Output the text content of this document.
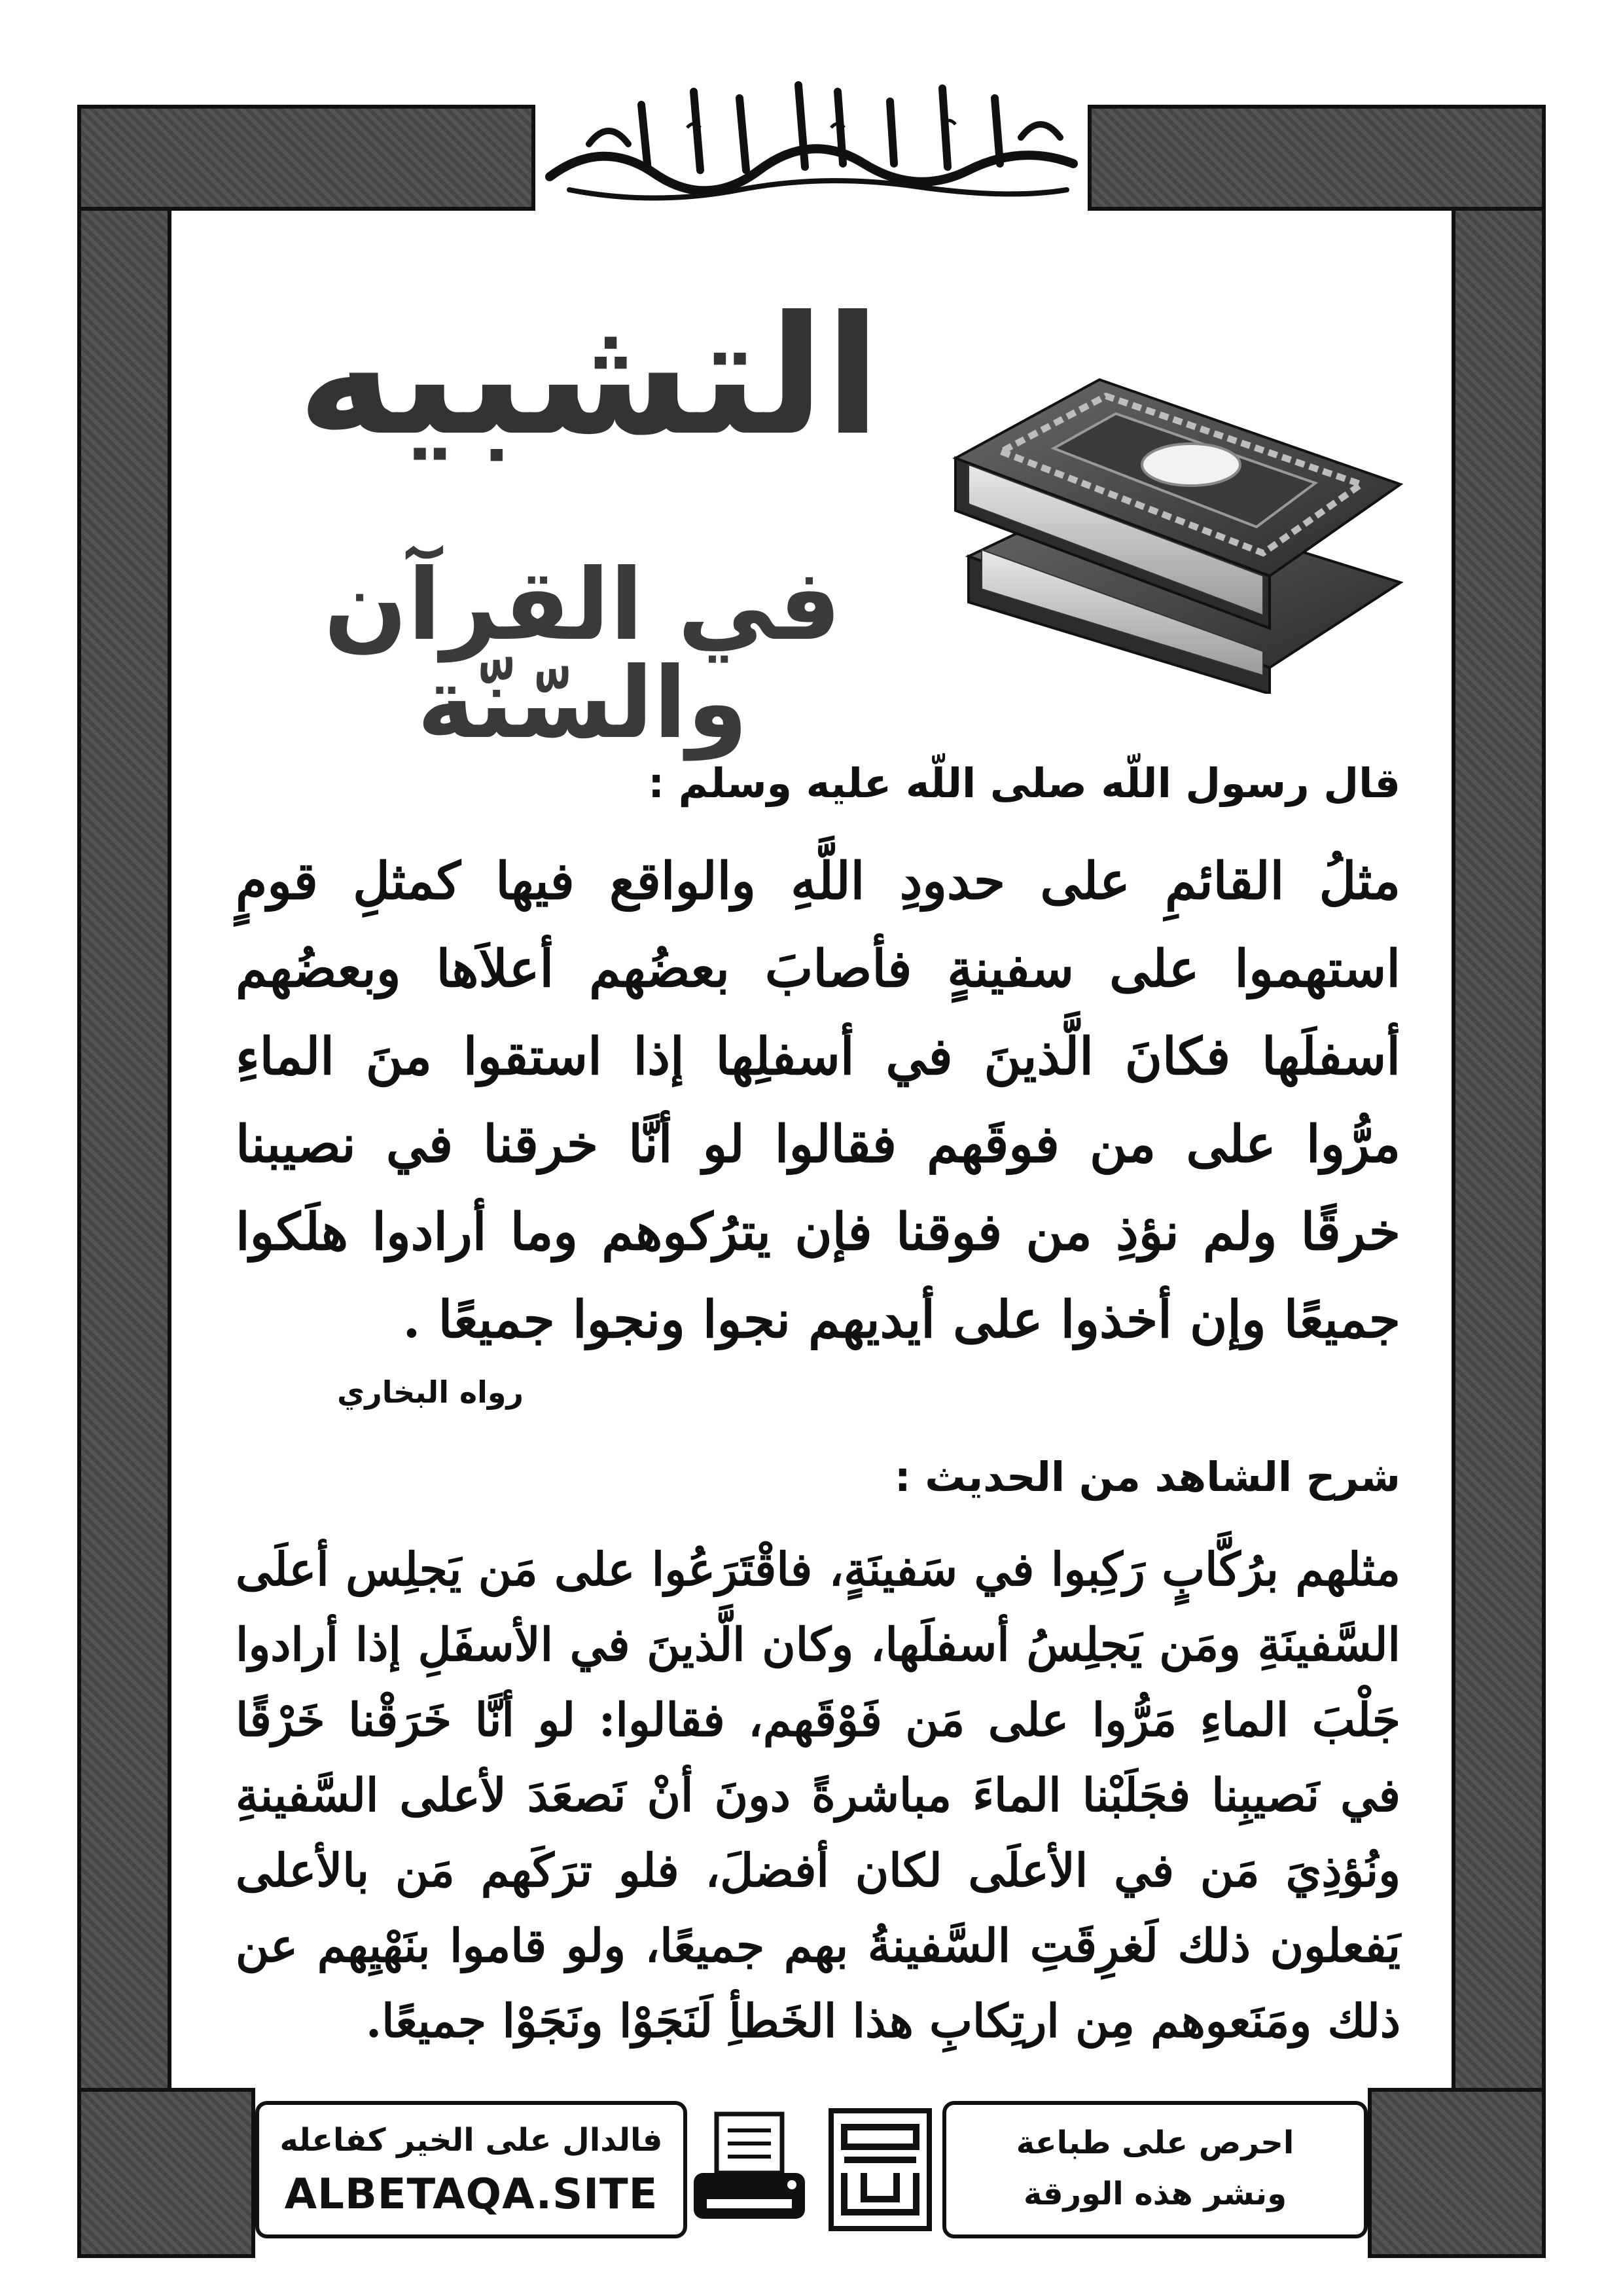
التشبيه
في القرآن والسّنّة
قال رسول اللّه صلى اللّه عليه وسلم :
مثلُ القائمِ على حدودِ اللَّهِ والواقع فيها كمثلِ قومٍ استهموا على سفينةٍ فأصابَ بعضُهم أعلاَها وبعضُهم أسفلَها فكانَ الَّذينَ في أسفلِها إذا استقوا منَ الماءِ مرُّوا على من فوقَهم فقالوا لو أنَّا خرقنا في نصيبنا خرقًا ولم نؤذِ من فوقنا فإن يترُكوهم وما أرادوا هلَكوا جميعًا وإن أخذوا على أيديهم نجوا ونجوا جميعًا .
رواه البخاري
شرح الشاهد من الحديث :
مثلهم برُكَّابٍ رَكِبوا في سَفينَةٍ، فاقْتَرَعُوا على مَن يَجلِس أعلَى السَّفينَةِ ومَن يَجلِسُ أسفلَها، وكان الَّذينَ في الأسفَلِ إذا أرادوا جَلْبَ الماءِ مَرُّوا على مَن فَوْقَهم، فقالوا: لو أنَّا خَرَقْنا خَرْقًا في نَصيبِنا فجَلَبْنا الماءَ مباشرةً دونَ أنْ نَصعَدَ لأعلى السَّفينةِ ونُؤذِيَ مَن في الأعلَى لكان أفضلَ، فلو ترَكَهم مَن بالأعلى يَفعلون ذلك لَغرِقَتِ السَّفينةُ بهم جميعًا، ولو قاموا بنَهْيِهم عن ذلك ومَنَعوهم مِن ارتِكابِ هذا الخَطأِ لَنَجَوْا ونَجَوْا جميعًا.
فالدال على الخير كفاعله
ALBETAQA.SITE
احرص على طباعة
ونشر هذه الورقة
